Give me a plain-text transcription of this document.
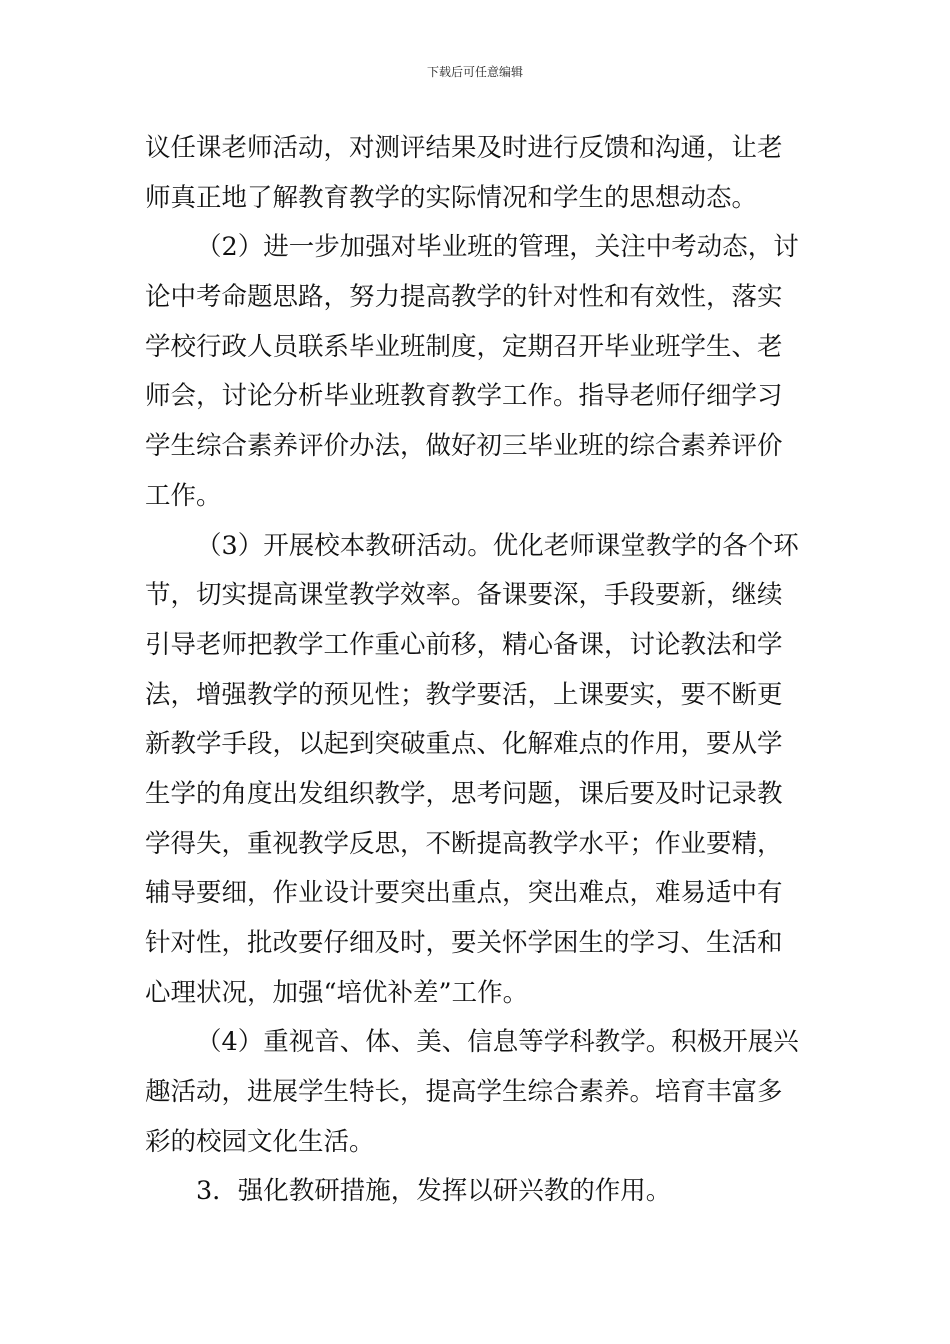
下载后可任意编辑
议任课老师活动，对测评结果及时进行反馈和沟通，让老
师真正地了解教育教学的实际情况和学生的思想动态。
（2）进一步加强对毕业班的管理，关注中考动态，讨
论中考命题思路，努力提高教学的针对性和有效性，落实
学校行政人员联系毕业班制度，定期召开毕业班学生、老
师会，讨论分析毕业班教育教学工作。指导老师仔细学习
学生综合素养评价办法，做好初三毕业班的综合素养评价
工作。
（3）开展校本教研活动。优化老师课堂教学的各个环
节，切实提高课堂教学效率。备课要深，手段要新，继续
引导老师把教学工作重心前移，精心备课，讨论教法和学
法，增强教学的预见性；教学要活，上课要实，要不断更
新教学手段，以起到突破重点、化解难点的作用，要从学
生学的角度出发组织教学，思考问题，课后要及时记录教
学得失，重视教学反思，不断提高教学水平；作业要精，
辅导要细，作业设计要突出重点，突出难点，难易适中有
针对性，批改要仔细及时，要关怀学困生的学习、生活和
心理状况，加强“培优补差”工作。
（4）重视音、体、美、信息等学科教学。积极开展兴
趣活动，进展学生特长，提高学生综合素养。培育丰富多
彩的校园文化生活。
3．强化教研措施，发挥以研兴教的作用。
